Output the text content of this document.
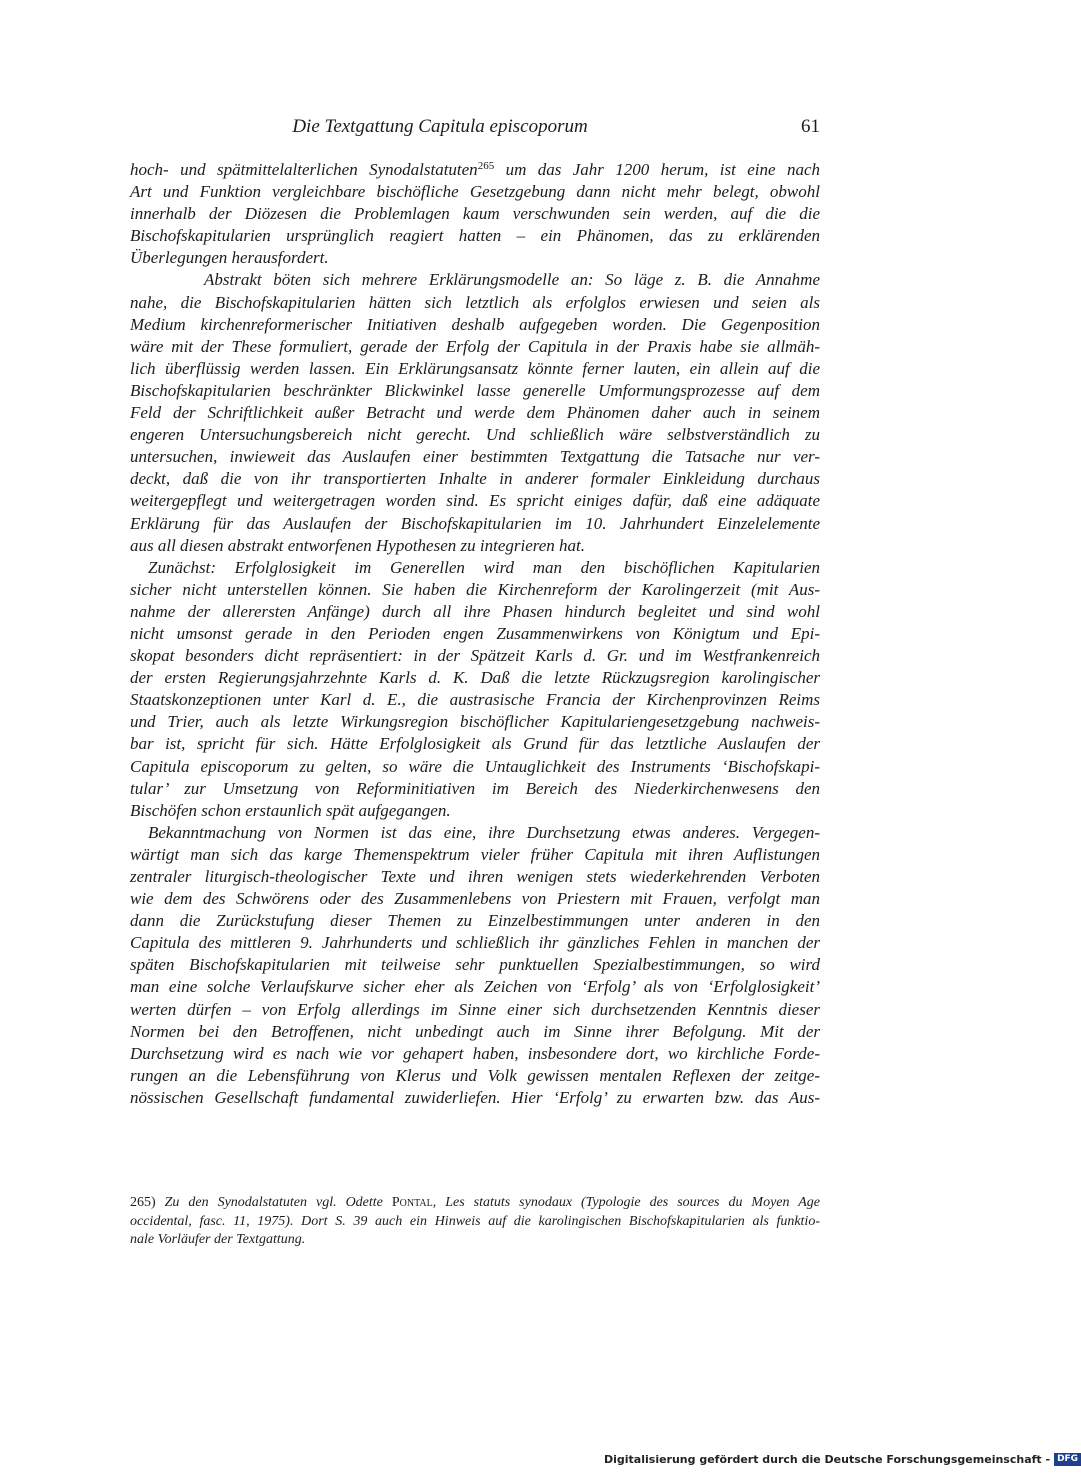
Die Textgattung Capitula episcoporum	61
hoch- und spätmittelalterlichen Synodalstatuten$^{265}$ um das Jahr 1200 herum, ist eine nach
Art und Funktion vergleichbare bischöfliche Gesetzgebung dann nicht mehr belegt, obwohl
innerhalb der Diözesen die Problemlagen kaum verschwunden sein werden, auf die die
Bischofskapitularien ursprünglich reagiert hatten – ein Phänomen, das zu erklärenden
Überlegungen herausfordert.
Abstrakt böten sich mehrere Erklärungsmodelle an: So läge z. B. die Annahme
nahe, die Bischofskapitularien hätten sich letztlich als erfolglos erwiesen und seien als
Medium kirchenreformerischer Initiativen deshalb aufgegeben worden. Die Gegenposition
wäre mit der These formuliert, gerade der Erfolg der Capitula in der Praxis habe sie allmäh-
lich überflüssig werden lassen. Ein Erklärungsansatz könnte ferner lauten, ein allein auf die
Bischofskapitularien beschränkter Blickwinkel lasse generelle Umformungsprozesse auf dem
Feld der Schriftlichkeit außer Betracht und werde dem Phänomen daher auch in seinem
engeren Untersuchungsbereich nicht gerecht. Und schließlich wäre selbstverständlich zu
untersuchen, inwieweit das Auslaufen einer bestimmten Textgattung die Tatsache nur ver-
deckt, daß die von ihr transportierten Inhalte in anderer formaler Einkleidung durchaus
weitergepflegt und weitergetragen worden sind. Es spricht einiges dafür, daß eine adäquate
Erklärung für das Auslaufen der Bischofskapitularien im 10. Jahrhundert Einzelelemente
aus all diesen abstrakt entworfenen Hypothesen zu integrieren hat.
Zunächst: Erfolglosigkeit im Generellen wird man den bischöflichen Kapitularien
sicher nicht unterstellen können. Sie haben die Kirchenreform der Karolingerzeit (mit Aus-
nahme der allerersten Anfänge) durch all ihre Phasen hindurch begleitet und sind wohl
nicht umsonst gerade in den Perioden engen Zusammenwirkens von Königtum und Epi-
skopat besonders dicht repräsentiert: in der Spätzeit Karls d. Gr. und im Westfrankenreich
der ersten Regierungsjahrzehnte Karls d. K. Daß die letzte Rückzugsregion karolingischer
Staatskonzeptionen unter Karl d. E., die austrasische Francia der Kirchenprovinzen Reims
und Trier, auch als letzte Wirkungsregion bischöflicher Kapitulariengesetzgebung nachweis-
bar ist, spricht für sich. Hätte Erfolglosigkeit als Grund für das letztliche Auslaufen der
Capitula episcoporum zu gelten, so wäre die Untauglichkeit des Instruments ‘Bischofskapi-
tular’ zur Umsetzung von Reforminitiativen im Bereich des Niederkirchenwesens den
Bischöfen schon erstaunlich spät aufgegangen.
Bekanntmachung von Normen ist das eine, ihre Durchsetzung etwas anderes. Vergegen-
wärtigt man sich das karge Themenspektrum vieler früher Capitula mit ihren Auflistungen
zentraler liturgisch-theologischer Texte und ihren wenigen stets wiederkehrenden Verboten
wie dem des Schwörens oder des Zusammenlebens von Priestern mit Frauen, verfolgt man
dann die Zurückstufung dieser Themen zu Einzelbestimmungen unter anderen in den
Capitula des mittleren 9. Jahrhunderts und schließlich ihr gänzliches Fehlen in manchen der
späten Bischofskapitularien mit teilweise sehr punktuellen Spezialbestimmungen, so wird
man eine solche Verlaufskurve sicher eher als Zeichen von ‘Erfolg’ als von ‘Erfolglosigkeit’
werten dürfen – von Erfolg allerdings im Sinne einer sich durchsetzenden Kenntnis dieser
Normen bei den Betroffenen, nicht unbedingt auch im Sinne ihrer Befolgung. Mit der
Durchsetzung wird es nach wie vor gehapert haben, insbesondere dort, wo kirchliche Forde-
rungen an die Lebensführung von Klerus und Volk gewissen mentalen Reflexen der zeitge-
nössischen Gesellschaft fundamental zuwiderliefen. Hier ‘Erfolg’ zu erwarten bzw. das Aus-
265) Zu den Synodalstatuten vgl. Odette Pontal, Les statuts synodaux (Typologie des sources du Moyen Age
occidental, fasc. 11, 1975). Dort S. 39 auch ein Hinweis auf die karolingischen Bischofskapitularien als funktio-
nale Vorläufer der Textgattung.
Digitalisierung gefördert durch die Deutsche Forschungsgemeinschaft - DFG
